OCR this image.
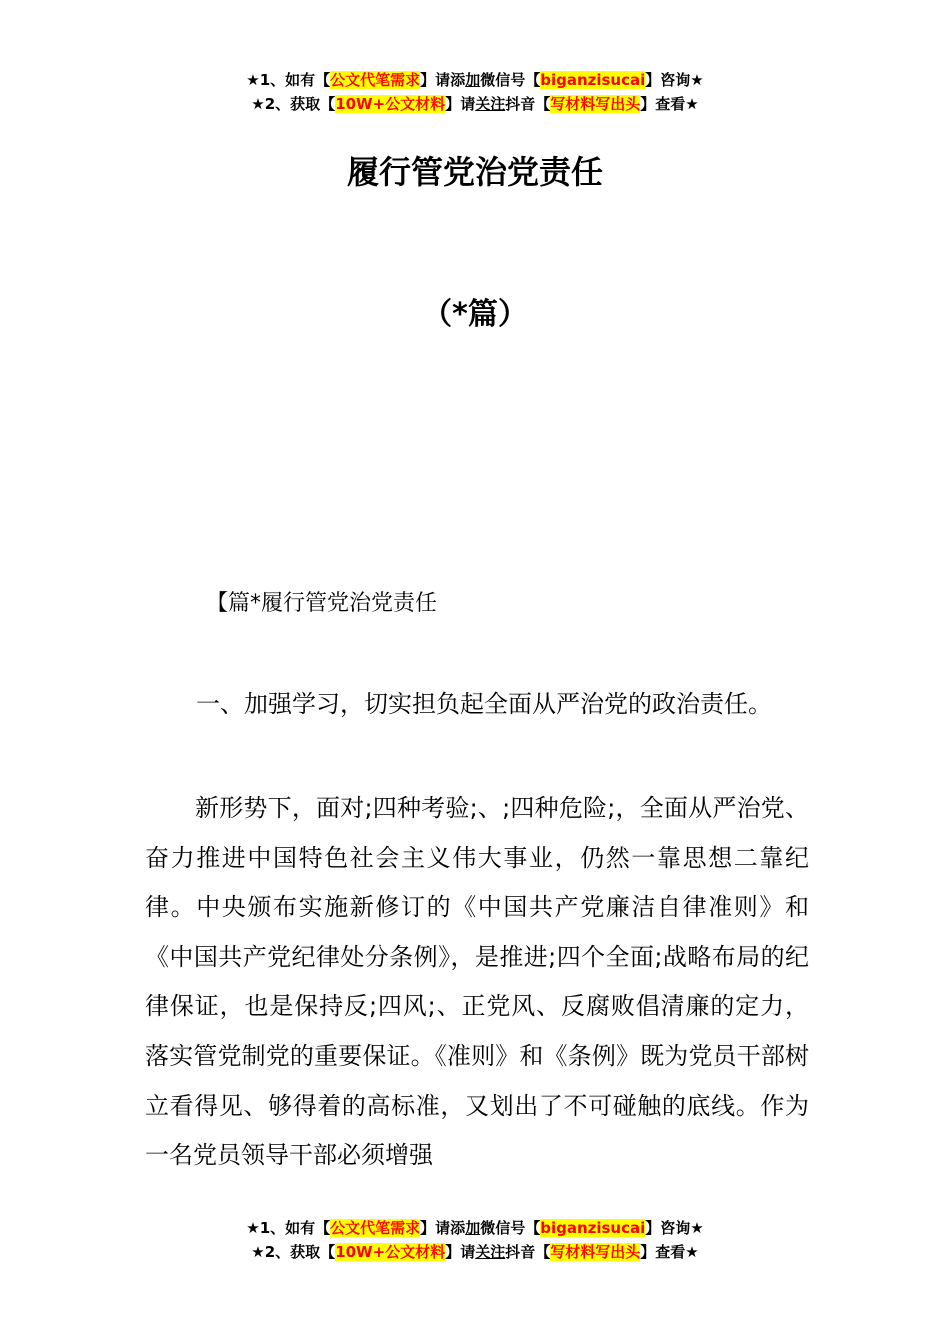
★1、如有【公文代笔需求】请添加微信号【biganzisucai】咨询★
★2、获取【10W+公文材料】请关注抖音【写材料写出头】查看★
履行管党治党责任
（*篇）
【篇*履行管党治党责任
一、加强学习，切实担负起全面从严治党的政治责任。

新形势下，面对;四种考验;、;四种危险;，全面从严治党、奋力推进中国特色社会主义伟大事业，仍然一靠思想二靠纪律。中央颁布实施新修订的《中国共产党廉洁自律准则》和《中国共产党纪律处分条例》，是推进;四个全面;战略布局的纪律保证，也是保持反;四风;、正党风、反腐败倡清廉的定力，落实管党制党的重要保证。《准则》和《条例》既为党员干部树立看得见、够得着的高标准，又划出了不可碰触的底线。作为一名党员领导干部必须增强

★1、如有【公文代笔需求】请添加微信号【biganzisucai】咨询★
★2、获取【10W+公文材料】请关注抖音【写材料写出头】查看★
